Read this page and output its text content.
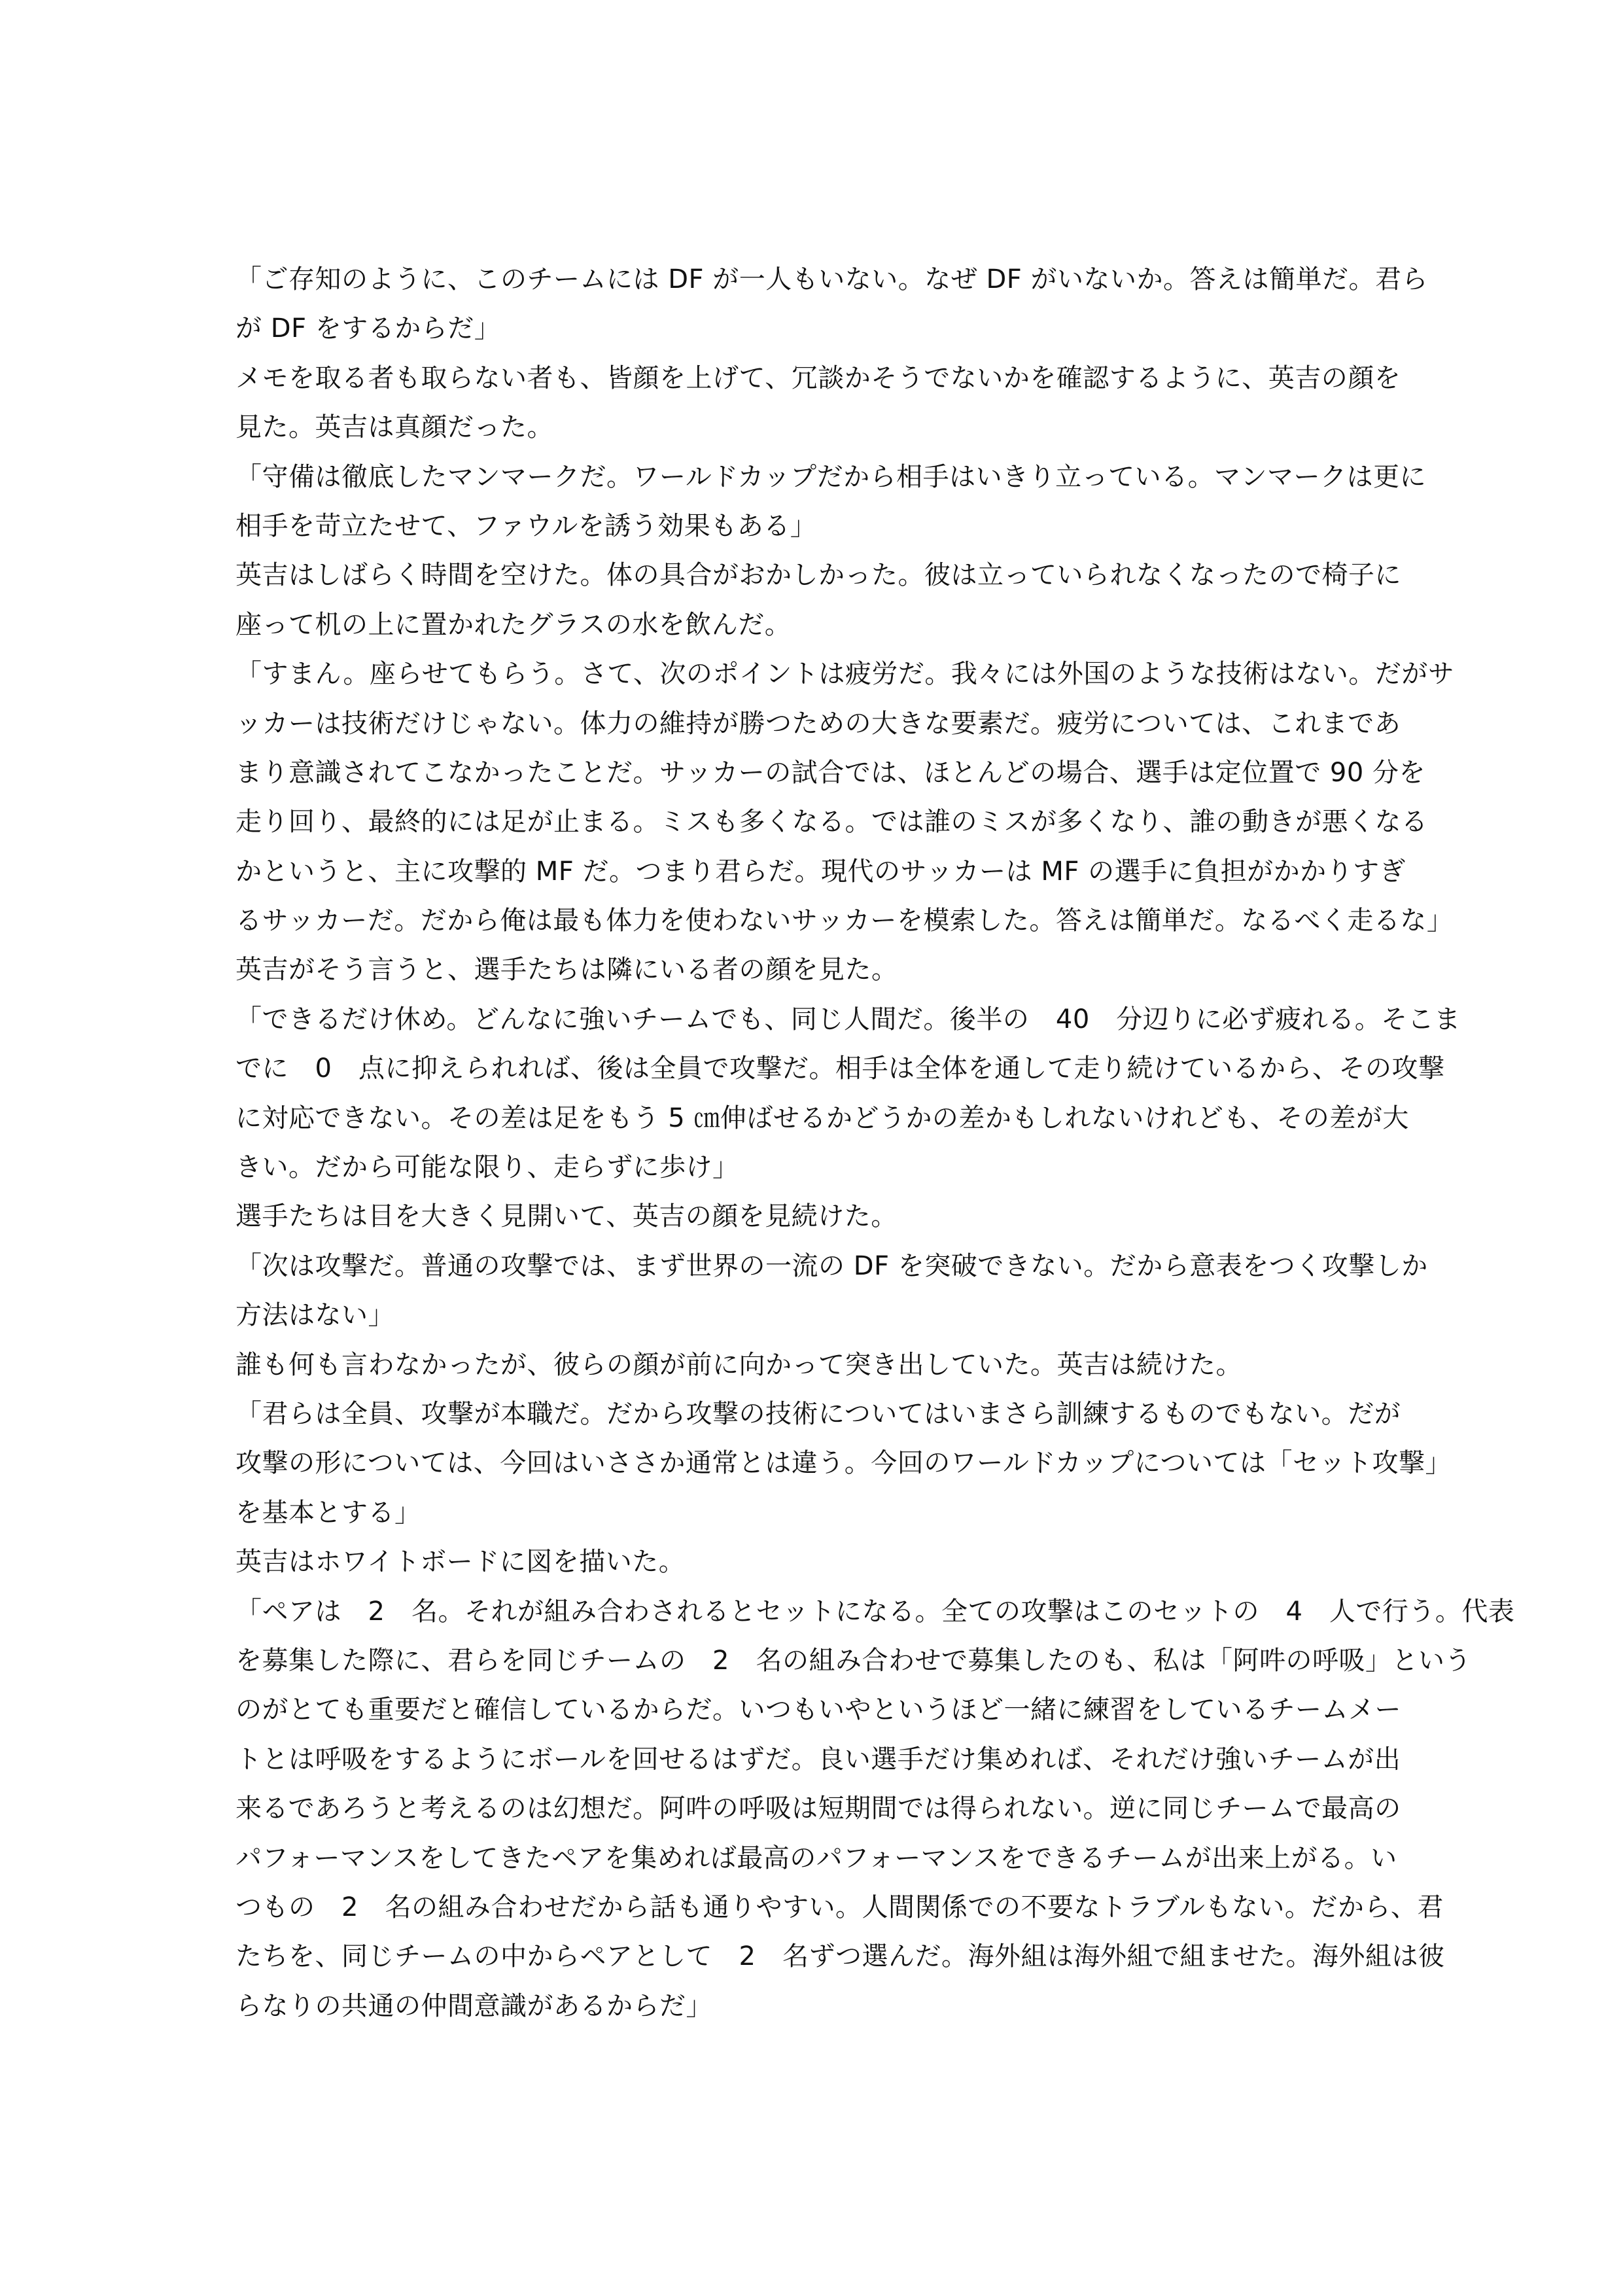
「ご存知のように、このチームには DF が一人もいない。なぜ DF がいないか。答えは簡単だ。君ら
が DF をするからだ」
メモを取る者も取らない者も、皆顔を上げて、冗談かそうでないかを確認するように、英吉の顔を
見た。英吉は真顔だった。
「守備は徹底したマンマークだ。ワールドカップだから相手はいきり立っている。マンマークは更に
相手を苛立たせて、ファウルを誘う効果もある」
英吉はしばらく時間を空けた。体の具合がおかしかった。彼は立っていられなくなったので椅子に
座って机の上に置かれたグラスの水を飲んだ。
「すまん。座らせてもらう。さて、次のポイントは疲労だ。我々には外国のような技術はない。だがサ
ッカーは技術だけじゃない。体力の維持が勝つための大きな要素だ。疲労については、これまであ
まり意識されてこなかったことだ。サッカーの試合では、ほとんどの場合、選手は定位置で 90 分を
走り回り、最終的には足が止まる。ミスも多くなる。では誰のミスが多くなり、誰の動きが悪くなる
かというと、主に攻撃的 MF だ。つまり君らだ。現代のサッカーは MF の選手に負担がかかりすぎ
るサッカーだ。だから俺は最も体力を使わないサッカーを模索した。答えは簡単だ。なるべく走るな」
英吉がそう言うと、選手たちは隣にいる者の顔を見た。
「できるだけ休め。どんなに強いチームでも、同じ人間だ。後半の　40　分辺りに必ず疲れる。そこま
でに　0　点に抑えられれば、後は全員で攻撃だ。相手は全体を通して走り続けているから、その攻撃
に対応できない。その差は足をもう 5 ㎝伸ばせるかどうかの差かもしれないけれども、その差が大
きい。だから可能な限り、走らずに歩け」
選手たちは目を大きく見開いて、英吉の顔を見続けた。
「次は攻撃だ。普通の攻撃では、まず世界の一流の DF を突破できない。だから意表をつく攻撃しか
方法はない」
誰も何も言わなかったが、彼らの顔が前に向かって突き出していた。英吉は続けた。
「君らは全員、攻撃が本職だ。だから攻撃の技術についてはいまさら訓練するものでもない。だが
攻撃の形については、今回はいささか通常とは違う。今回のワールドカップについては「セット攻撃」
を基本とする」
英吉はホワイトボードに図を描いた。
「ペアは　2　名。それが組み合わされるとセットになる。全ての攻撃はこのセットの　4　人で行う。代表
を募集した際に、君らを同じチームの　2　名の組み合わせで募集したのも、私は「阿吽の呼吸」という
のがとても重要だと確信しているからだ。いつもいやというほど一緒に練習をしているチームメー
トとは呼吸をするようにボールを回せるはずだ。良い選手だけ集めれば、それだけ強いチームが出
来るであろうと考えるのは幻想だ。阿吽の呼吸は短期間では得られない。逆に同じチームで最高の
パフォーマンスをしてきたペアを集めれば最高のパフォーマンスをできるチームが出来上がる。い
つもの　2　名の組み合わせだから話も通りやすい。人間関係での不要なトラブルもない。だから、君
たちを、同じチームの中からペアとして　2　名ずつ選んだ。海外組は海外組で組ませた。海外組は彼
らなりの共通の仲間意識があるからだ」
